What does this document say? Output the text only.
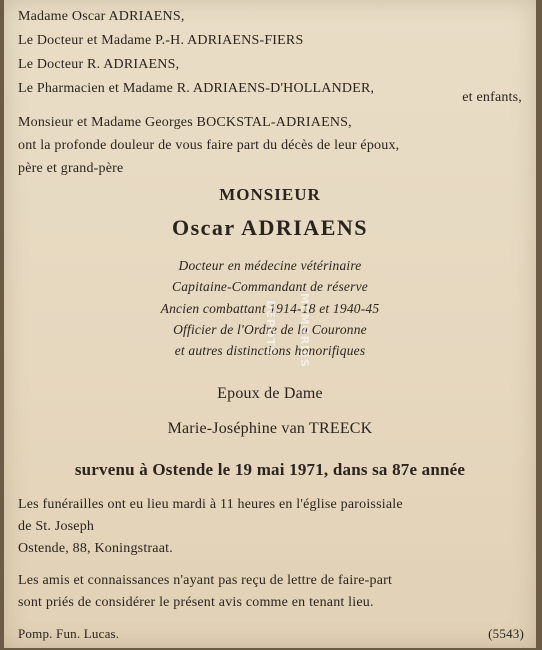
Madame Oscar ADRIAENS,
Le Docteur et Madame P.-H. ADRIAENS-FIERS
Le Docteur R. ADRIAENS,
Le Pharmacien et Madame R. ADRIAENS-D'HOLLANDER,
et enfants,
Monsieur et Madame Georges BOCKSTAL-ADRIAENS,
ont la profonde douleur de vous faire part du décès de leur époux,
père et grand-père
MONSIEUR
Oscar ADRIAENS
Docteur en médecine vétérinaire
Capitaine-Commandant de réserve
Ancien combattant 1914-18 et 1940-45
Officier de l'Ordre de la Couronne
et autres distinctions honorifiques
Epoux de Dame
Marie-Joséphine van TREECK
survenu à Ostende le 19 mai 1971, dans sa 87e année
Les funérailles ont eu lieu mardi à 11 heures en l'église paroissiale
de St. Joseph
Ostende, 88, Koningstraat.
Les amis et connaissances n'ayant pas reçu de lettre de faire-part
sont priés de considérer le présent avis comme en tenant lieu.
Pomp. Fun. Lucas.	(5543)
MEMORIES
DEPOTS
